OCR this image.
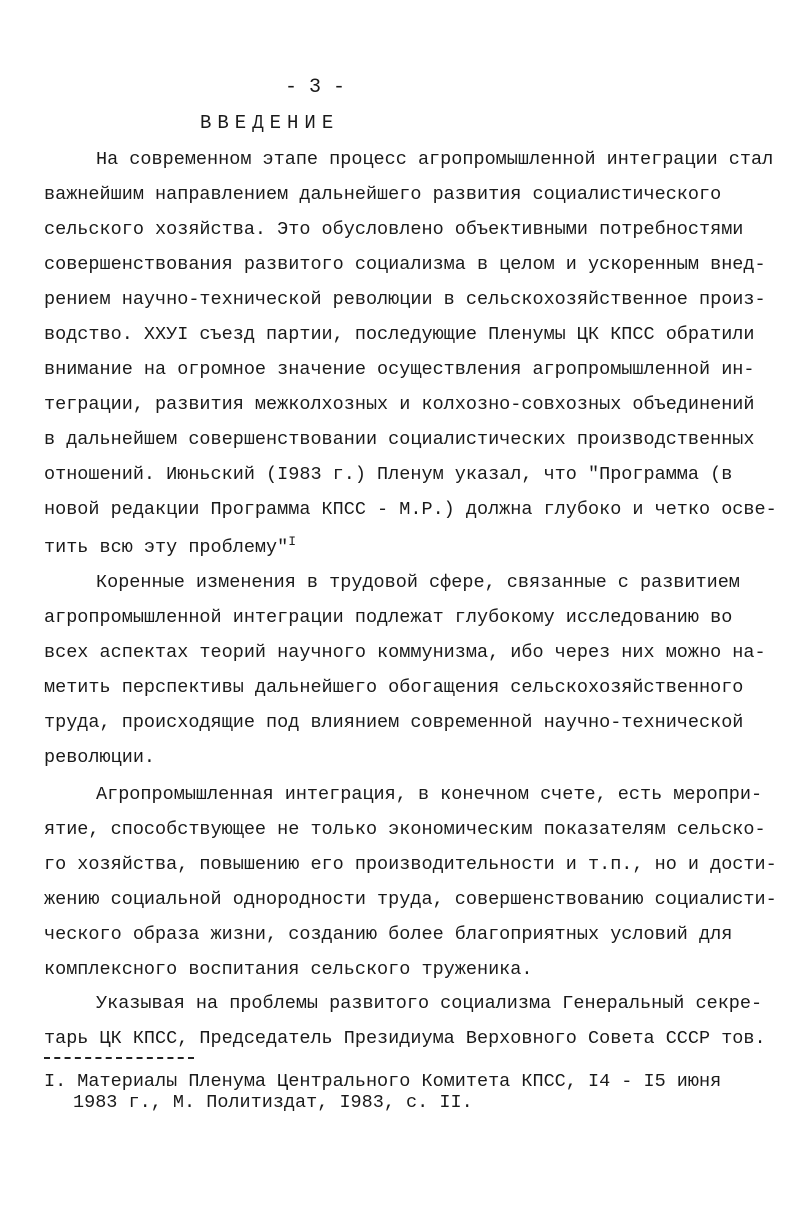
- 3 -
ВВЕДЕНИЕ
На современном этапе процесс агропромышленной интеграции стал
важнейшим направлением дальнейшего развития социалистического
сельского хозяйства. Это обусловлено объективными потребностями
совершенствования развитого социализма в целом и ускоренным внед-
рением научно-технической революции в сельскохозяйственное произ-
водство. ХХУI съезд партии, последующие Пленумы ЦК КПСС обратили
внимание на огромное значение осуществления агропромышленной ин-
теграции, развития межколхозных и колхозно-совхозных объединений
в дальнейшем совершенствовании социалистических производственных
отношений. Июньский (I983 г.) Пленум указал, что "Программа (в
новой редакции Программа КПСС - М.Р.) должна глубоко и четко осве-
тить всю эту проблему"$^I$
Коренные изменения в трудовой сфере, связанные с развитием
агропромышленной интеграции подлежат глубокому исследованию во
всех аспектах теорий научного коммунизма, ибо через них можно на-
метить перспективы дальнейшего обогащения сельскохозяйственного
труда, происходящие под влиянием современной научно-технической
революции.
Агропромышленная интеграция, в конечном счете, есть меропри-
ятие, способствующее не только экономическим показателям сельско-
го хозяйства, повышению его производительности и т.п., но и дости-
жению социальной однородности труда, совершенствованию социалисти-
ческого образа жизни, созданию более благоприятных условий для
комплексного воспитания сельского труженика.
Указывая на проблемы развитого социализма Генеральный секре-
тарь ЦК КПСС, Председатель Президиума Верховного Совета СССР тов.
I. Материалы Пленума Центрального Комитета КПСС, I4 - I5 июня
1983 г., М. Политиздат, I983, с. II.
